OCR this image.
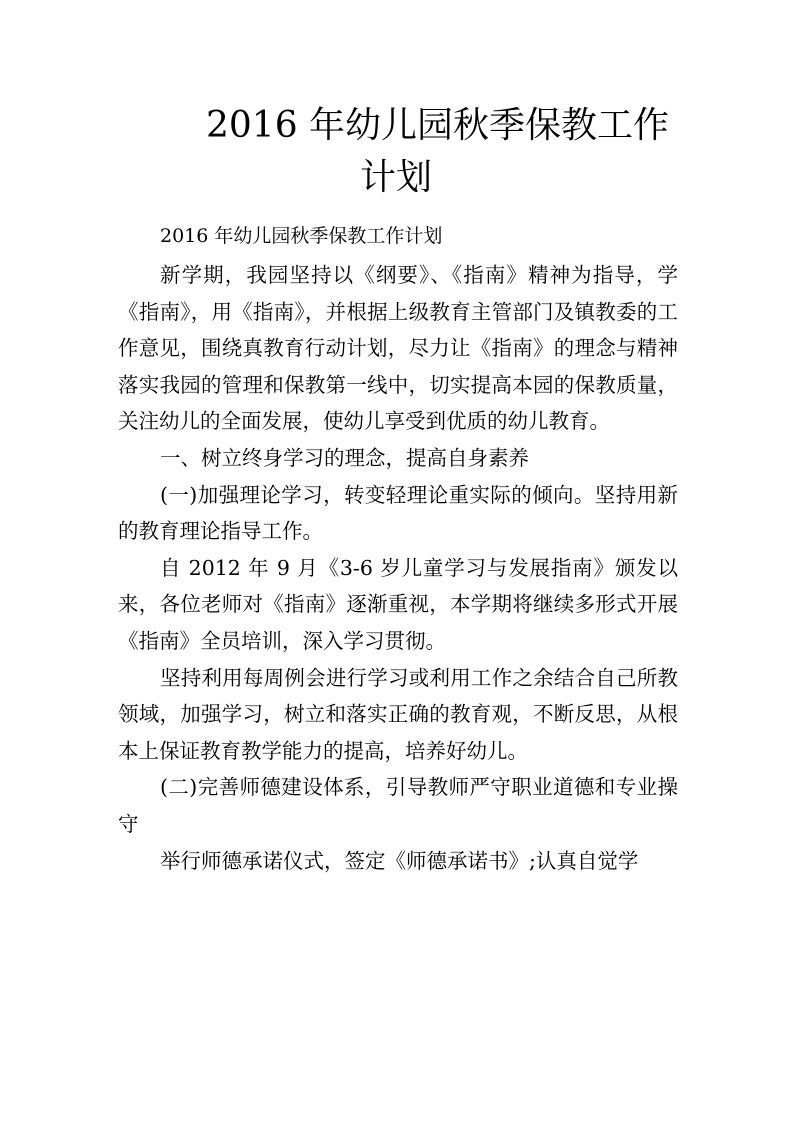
2016 年幼儿园秋季保教工作
计划
2016 年幼儿园秋季保教工作计划

新学期，我园坚持以《纲要》、《指南》精神为指导，学《指南》，用《指南》，并根据上级教育主管部门及镇教委的工作意见，围绕真教育行动计划，尽力让《指南》的理念与精神落实我园的管理和保教第一线中，切实提高本园的保教质量，关注幼儿的全面发展，使幼儿享受到优质的幼儿教育。

一、树立终身学习的理念，提高自身素养

(一)加强理论学习，转变轻理论重实际的倾向。坚持用新的教育理论指导工作。

自 2012 年 9 月《3-6 岁儿童学习与发展指南》颁发以来，各位老师对《指南》逐渐重视，本学期将继续多形式开展《指南》全员培训，深入学习贯彻。

坚持利用每周例会进行学习或利用工作之余结合自己所教领域，加强学习，树立和落实正确的教育观，不断反思，从根本上保证教育教学能力的提高，培养好幼儿。

(二)完善师德建设体系，引导教师严守职业道德和专业操守

举行师德承诺仪式，签定《师德承诺书》;认真自觉学
